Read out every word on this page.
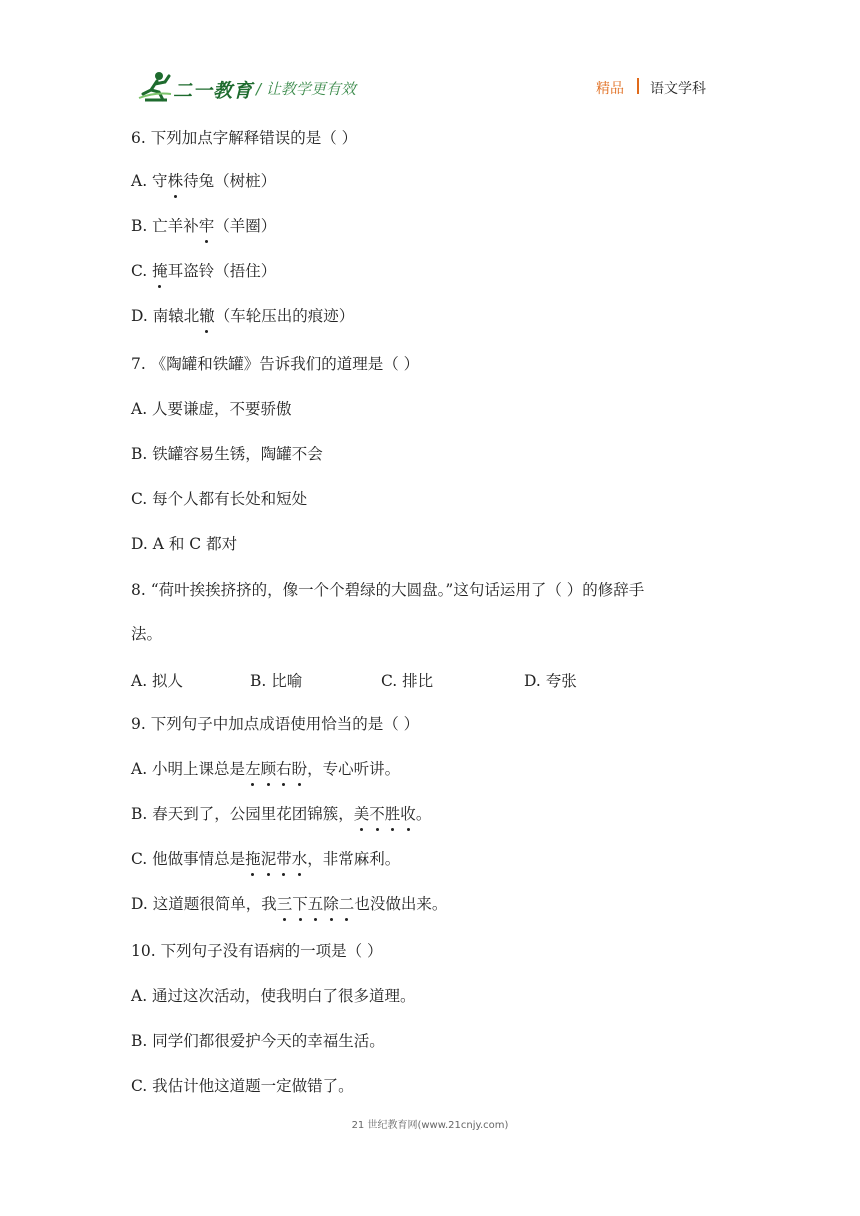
二一教育 / 让教学更有效	精品 语文学科
6. 下列加点字解释错误的是（ ）
A. 守株待兔（树桩）
B. 亡羊补牢（羊圈）
C. 掩耳盗铃（捂住）
D. 南辕北辙（车轮压出的痕迹）
7. 《陶罐和铁罐》告诉我们的道理是（ ）
A. 人要谦虚，不要骄傲
B. 铁罐容易生锈，陶罐不会
C. 每个人都有长处和短处
D. A 和 C 都对
8. “荷叶挨挨挤挤的，像一个个碧绿的大圆盘。”这句话运用了（ ）的修辞手
法。
A. 拟人	B. 比喻	C. 排比	D. 夸张
9. 下列句子中加点成语使用恰当的是（ ）
A. 小明上课总是左顾右盼，专心听讲。
B. 春天到了，公园里花团锦簇，美不胜收。
C. 他做事情总是拖泥带水，非常麻利。
D. 这道题很简单，我三下五除二也没做出来。
10. 下列句子没有语病的一项是（ ）
A. 通过这次活动，使我明白了很多道理。
B. 同学们都很爱护今天的幸福生活。
C. 我估计他这道题一定做错了。
21 世纪教育网(www.21cnjy.com)
